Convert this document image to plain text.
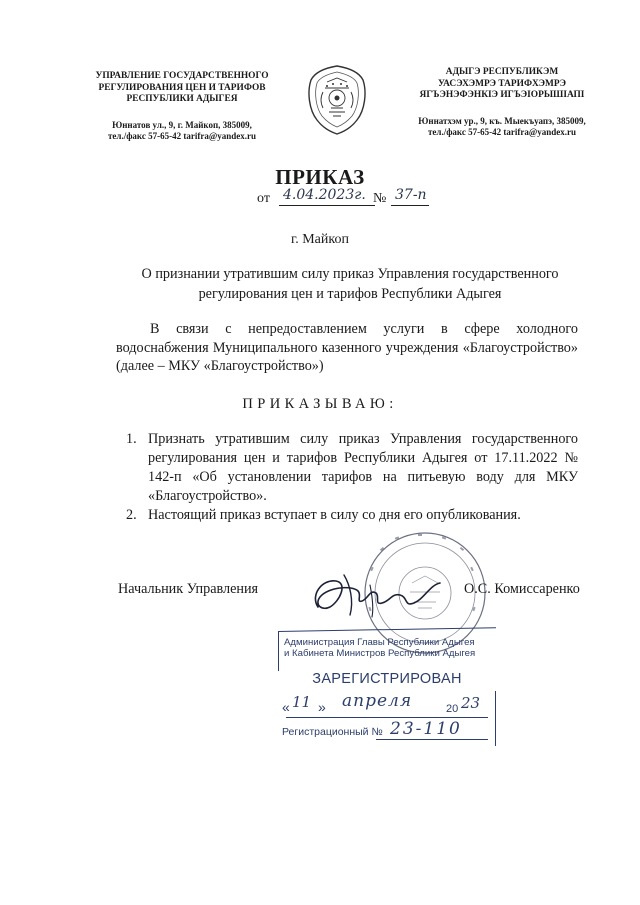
УПРАВЛЕНИЕ ГОСУДАРСТВЕННОГО
РЕГУЛИРОВАНИЯ ЦЕН И ТАРИФОВ
РЕСПУБЛИКИ АДЫГЕЯ
Юннатов ул., 9, г. Майкоп, 385009,
тел./факс 57-65-42 tarifra@yandex.ru
АДЫГЭ РЕСПУБЛИКЭМ
УАСЭХЭМРЭ ТАРИФХЭМРЭ
ЯГЪЭНЭФЭНКІЭ ИГЪЭІОРЫШІАПІ
Юннатхэм ур., 9, къ. Мыекъуапэ, 385009,
тел./факс 57-65-42 tarifra@yandex.ru
ПРИКАЗ
от 4.04.2023г. № 37-п
г. Майкоп
О признании утратившим силу приказ Управления государственного регулирования цен и тарифов Республики Адыгея
В связи с непредоставлением услуги в сфере холодного водоснабжения Муниципального казенного учреждения «Благоустройство» (далее – МКУ «Благоустройство»)
ПРИКАЗЫВАЮ:
1. Признать утратившим силу приказ Управления государственного регулирования цен и тарифов Республики Адыгея от 17.11.2022 № 142-п «Об установлении тарифов на питьевую воду для МКУ «Благоустройство».
2. Настоящий приказ вступает в силу со дня его опубликования.
Начальник Управления	О.С. Комиссаренко
Администрация Главы Республики Адыгея
и Кабинета Министров Республики Адыгея
ЗАРЕГИСТРИРОВАН
« 11 » апреля	20 23
Регистрационный № 23-110
